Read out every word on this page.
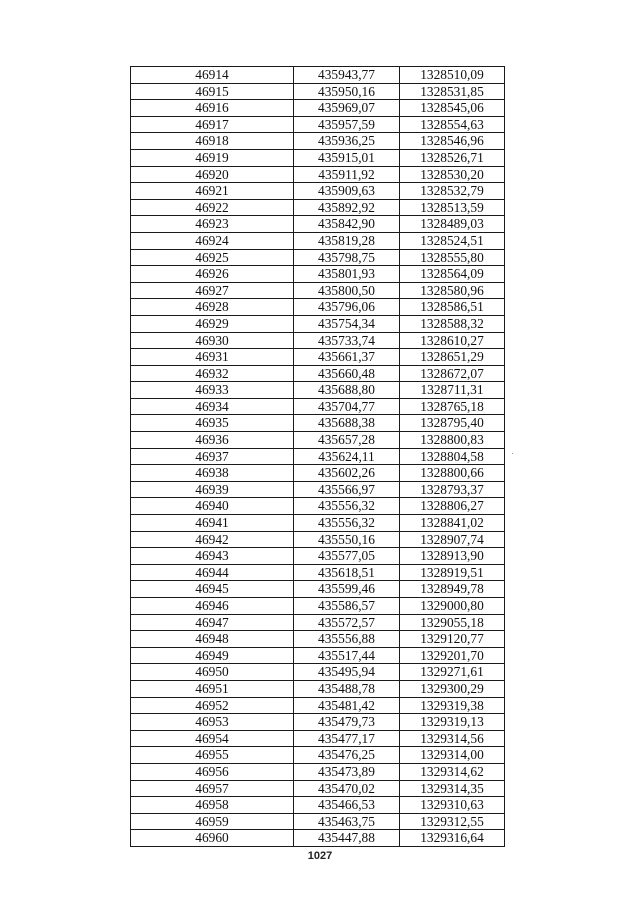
46914	435943,77	1328510,09
46915	435950,16	1328531,85
46916	435969,07	1328545,06
46917	435957,59	1328554,63
46918	435936,25	1328546,96
46919	435915,01	1328526,71
46920	435911,92	1328530,20
46921	435909,63	1328532,79
46922	435892,92	1328513,59
46923	435842,90	1328489,03
46924	435819,28	1328524,51
46925	435798,75	1328555,80
46926	435801,93	1328564,09
46927	435800,50	1328580,96
46928	435796,06	1328586,51
46929	435754,34	1328588,32
46930	435733,74	1328610,27
46931	435661,37	1328651,29
46932	435660,48	1328672,07
46933	435688,80	1328711,31
46934	435704,77	1328765,18
46935	435688,38	1328795,40
46936	435657,28	1328800,83
46937	435624,11	1328804,58
46938	435602,26	1328800,66
46939	435566,97	1328793,37
46940	435556,32	1328806,27
46941	435556,32	1328841,02
46942	435550,16	1328907,74
46943	435577,05	1328913,90
46944	435618,51	1328919,51
46945	435599,46	1328949,78
46946	435586,57	1329000,80
46947	435572,57	1329055,18
46948	435556,88	1329120,77
46949	435517,44	1329201,70
46950	435495,94	1329271,61
46951	435488,78	1329300,29
46952	435481,42	1329319,38
46953	435479,73	1329319,13
46954	435477,17	1329314,56
46955	435476,25	1329314,00
46956	435473,89	1329314,62
46957	435470,02	1329314,35
46958	435466,53	1329310,63
46959	435463,75	1329312,55
46960	435447,88	1329316,64
1027
